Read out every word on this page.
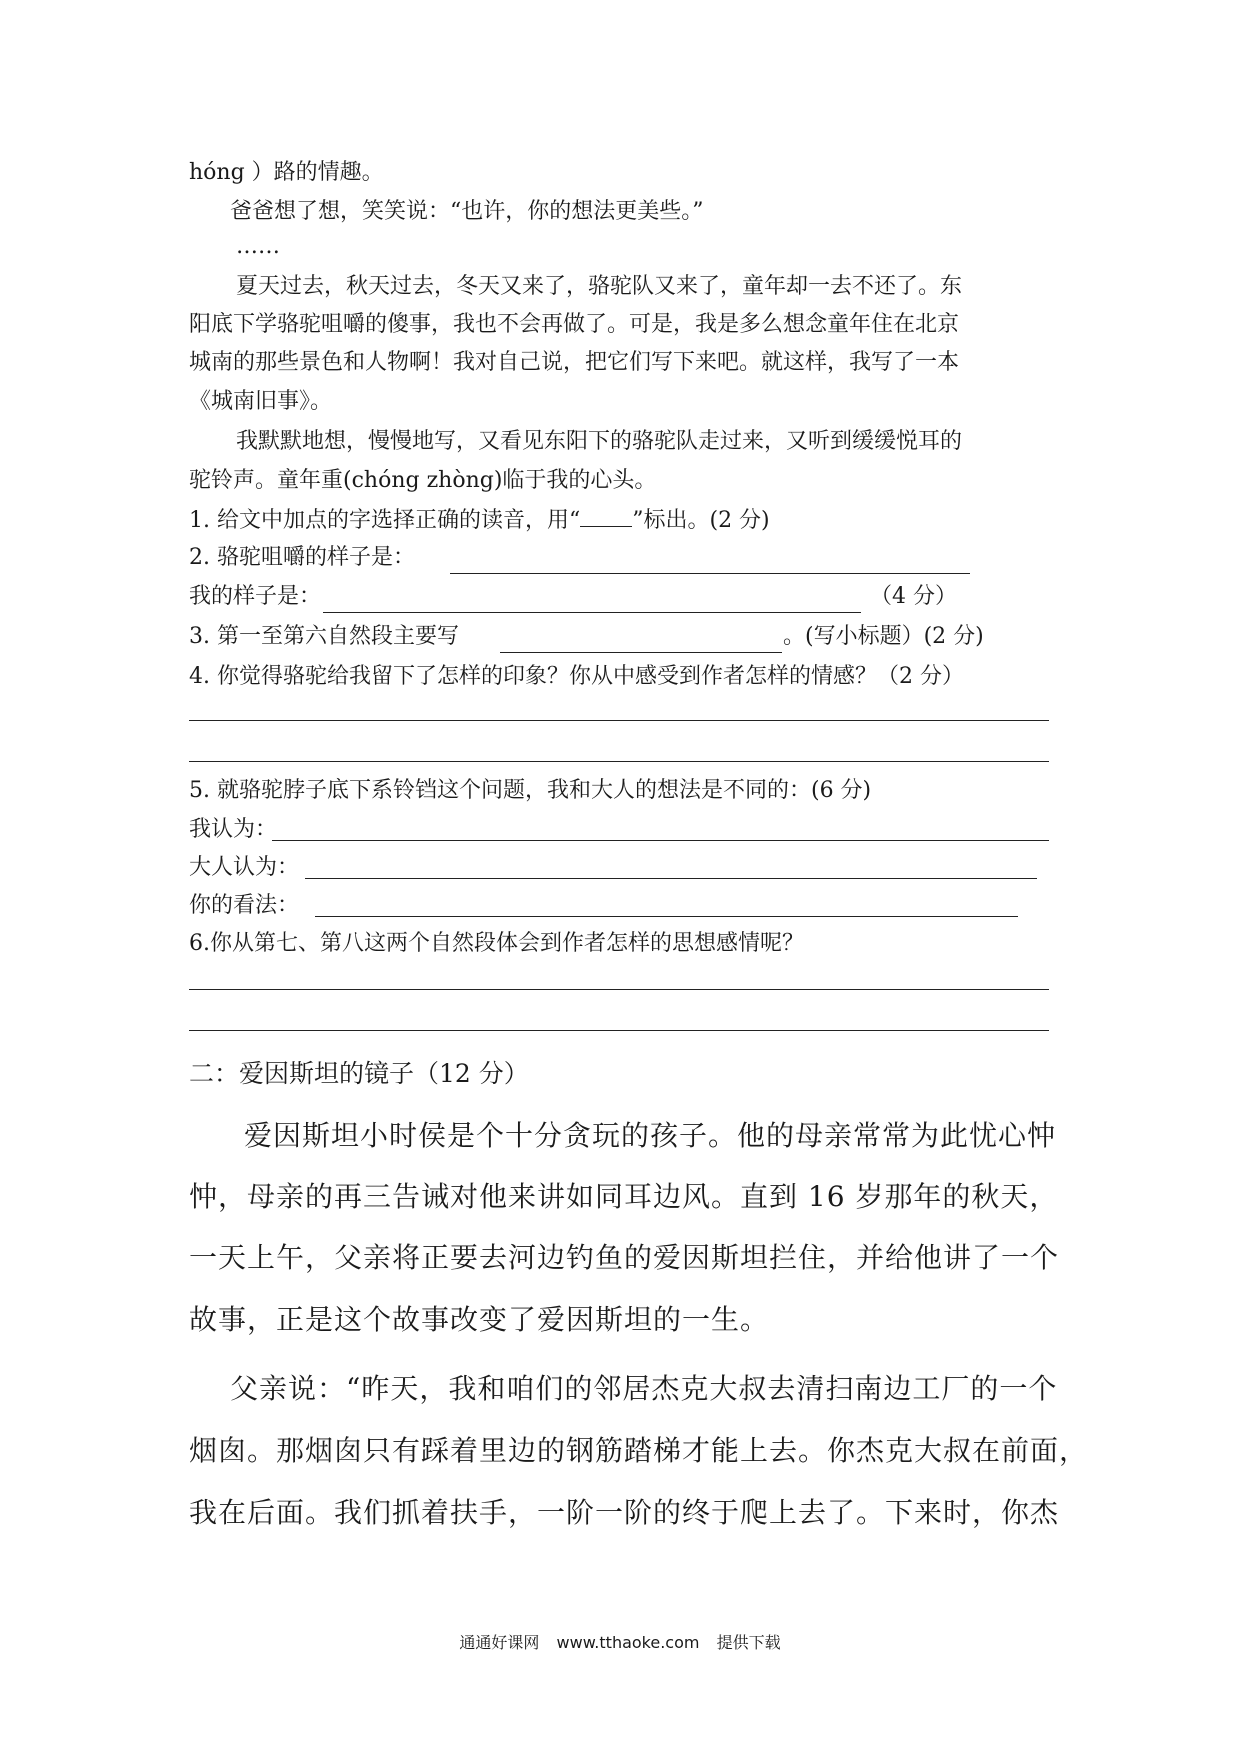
hóng ）路的情趣。
爸爸想了想，笑笑说：“也许，你的想法更美些。”
……
夏天过去，秋天过去，冬天又来了，骆驼队又来了，童年却一去不还了。东
阳底下学骆驼咀嚼的傻事，我也不会再做了。可是，我是多么想念童年住在北京
城南的那些景色和人物啊！我对自己说，把它们写下来吧。就这样，我写了一本
《城南旧事》。
我默默地想，慢慢地写，又看见东阳下的骆驼队走过来，又听到缓缓悦耳的
驼铃声。童年重(chóng zhòng)临于我的心头。
1. 给文中加点的字选择正确的读音，用“ ”标出。(2 分)
2. 骆驼咀嚼的样子是：
我的样子是：	（4 分）
3. 第一至第六自然段主要写	。(写小标题）(2 分)
4. 你觉得骆驼给我留下了怎样的印象？你从中感受到作者怎样的情感？（2 分）
5. 就骆驼脖子底下系铃铛这个问题，我和大人的想法是不同的：(6 分)
我认为：
大人认为：
你的看法：
6.你从第七、第八这两个自然段体会到作者怎样的思想感情呢？
二：爱因斯坦的镜子（12 分）
爱因斯坦小时侯是个十分贪玩的孩子。他的母亲常常为此忧心忡
忡，母亲的再三告诫对他来讲如同耳边风。直到 16 岁那年的秋天，
一天上午，父亲将正要去河边钓鱼的爱因斯坦拦住，并给他讲了一个
故事，正是这个故事改变了爱因斯坦的一生。
父亲说：“昨天，我和咱们的邻居杰克大叔去清扫南边工厂的一个
烟囱。那烟囱只有踩着里边的钢筋踏梯才能上去。你杰克大叔在前面，
我在后面。我们抓着扶手，一阶一阶的终于爬上去了。下来时，你杰
通通好课网 www.tthaoke.com 提供下载
